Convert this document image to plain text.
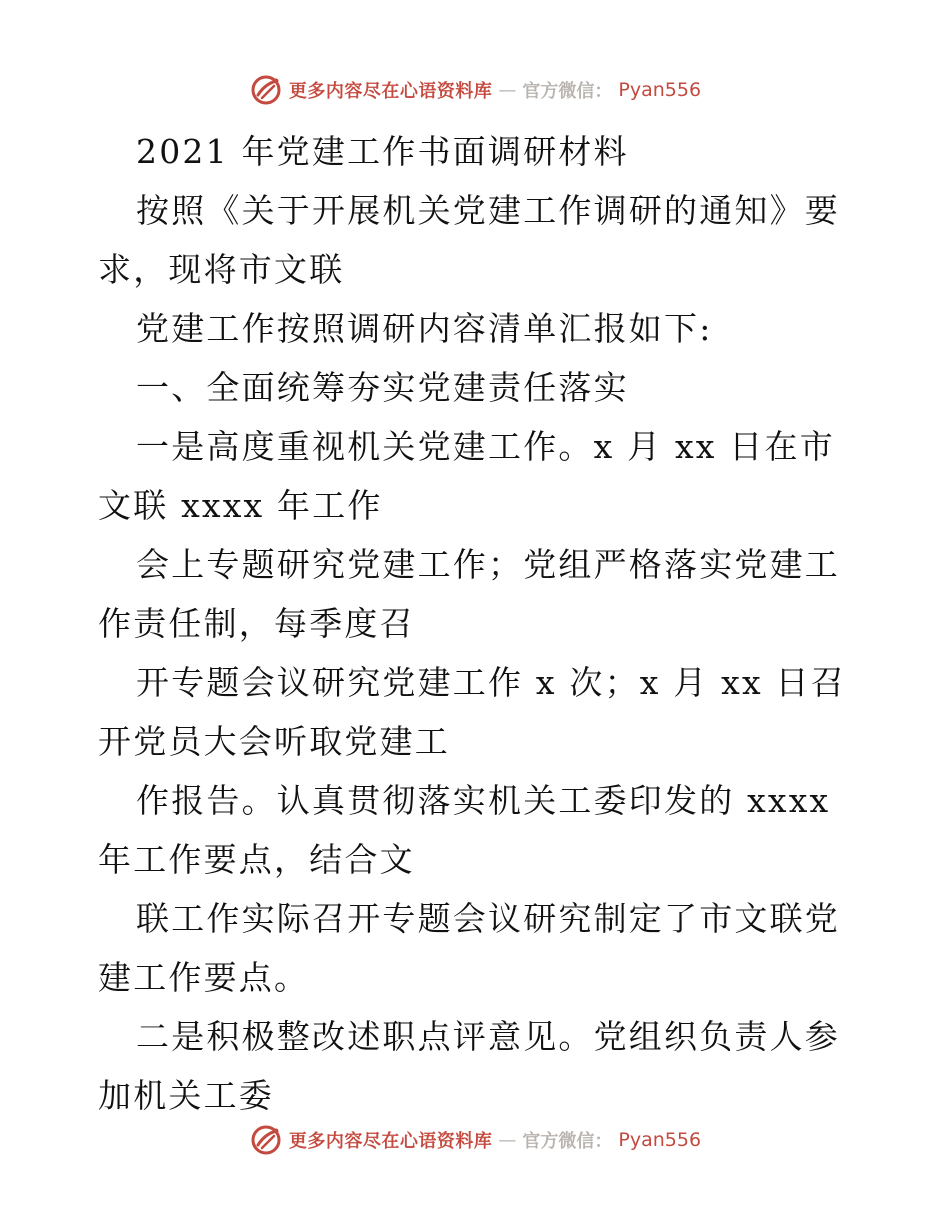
更多内容尽在心语资料库 — 官方微信： Pyan556

2021 年党建工作书面调研材料

按照《关于开展机关党建工作调研的通知》要求，现将市文联

党建工作按照调研内容清单汇报如下:

一、全面统筹夯实党建责任落实

一是高度重视机关党建工作。x 月 xx 日在市文联 xxxx 年工作

会上专题研究党建工作；党组严格落实党建工作责任制，每季度召

开专题会议研究党建工作 x 次；x 月 xx 日召开党员大会听取党建工

作报告。认真贯彻落实机关工委印发的 xxxx 年工作要点，结合文

联工作实际召开专题会议研究制定了市文联党建工作要点。

二是积极整改述职点评意见。党组织负责人参加机关工委

更多内容尽在心语资料库 — 官方微信： Pyan556
